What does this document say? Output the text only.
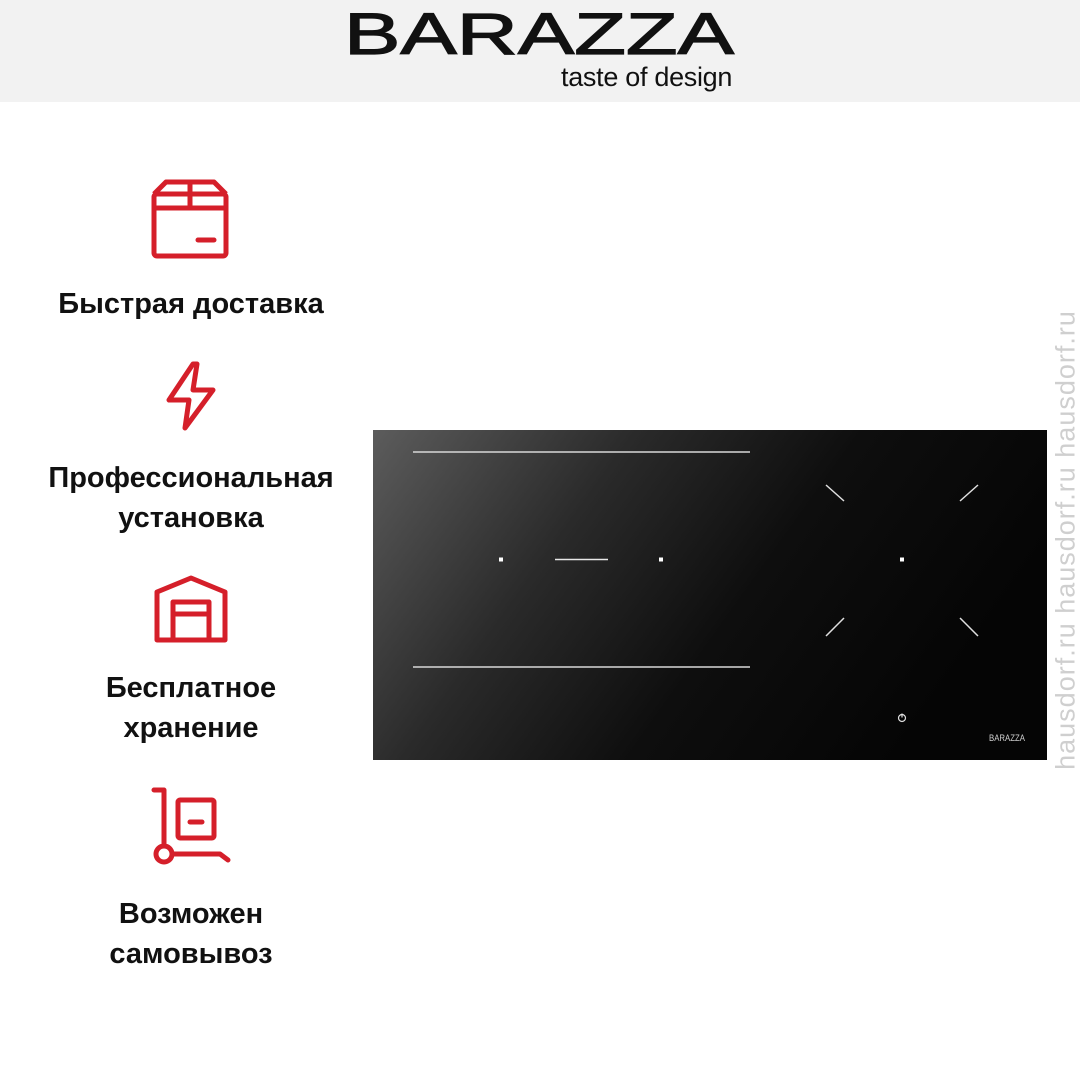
BARAZZA
taste of design
Быстрая доставка
Профессиональная
установка
Бесплатное
хранение
Возможен
самовывоз
BARAZZA hausdorf.ru hausdorf.ru hausdorf.ru
